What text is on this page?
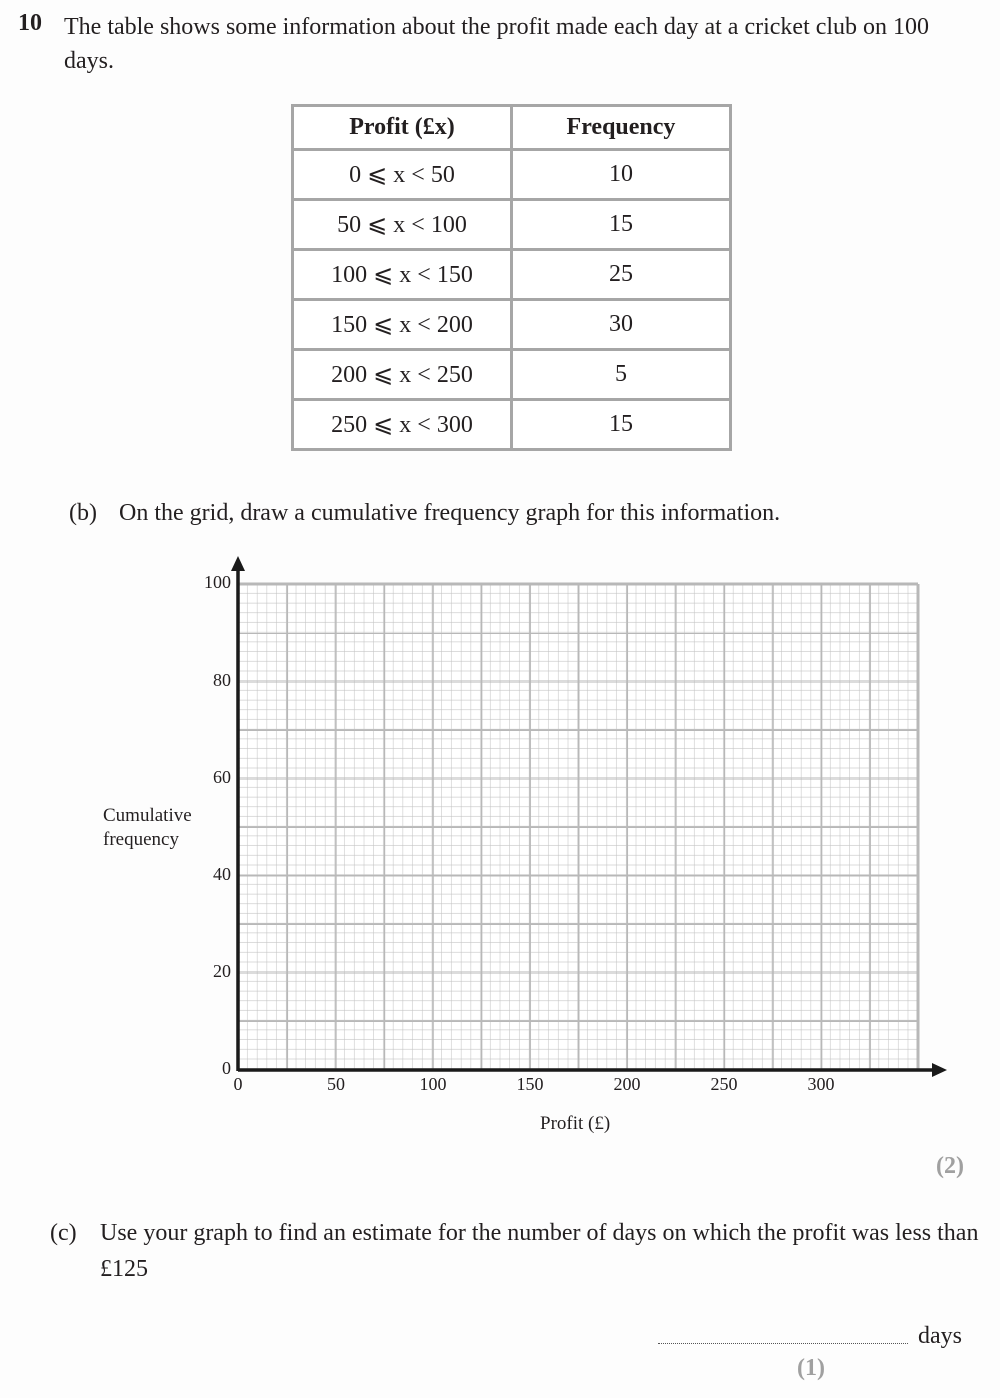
10 The table shows some information about the profit made each day at a cricket club on 100 days.
Profit (£x)	Frequency
0 ⩽ x < 50	10
50 ⩽ x < 100	15
100 ⩽ x < 150	25
150 ⩽ x < 200	30
200 ⩽ x < 250	5
250 ⩽ x < 300	15
(b) On the grid, draw a cumulative frequency graph for this information.
100
80
60
40
20
0
0	50	100	150	200	250	300
Cumulative
frequency
Profit (£)
(2)
(c) Use your graph to find an estimate for the number of days on which the profit was less than £125
days
(1)
